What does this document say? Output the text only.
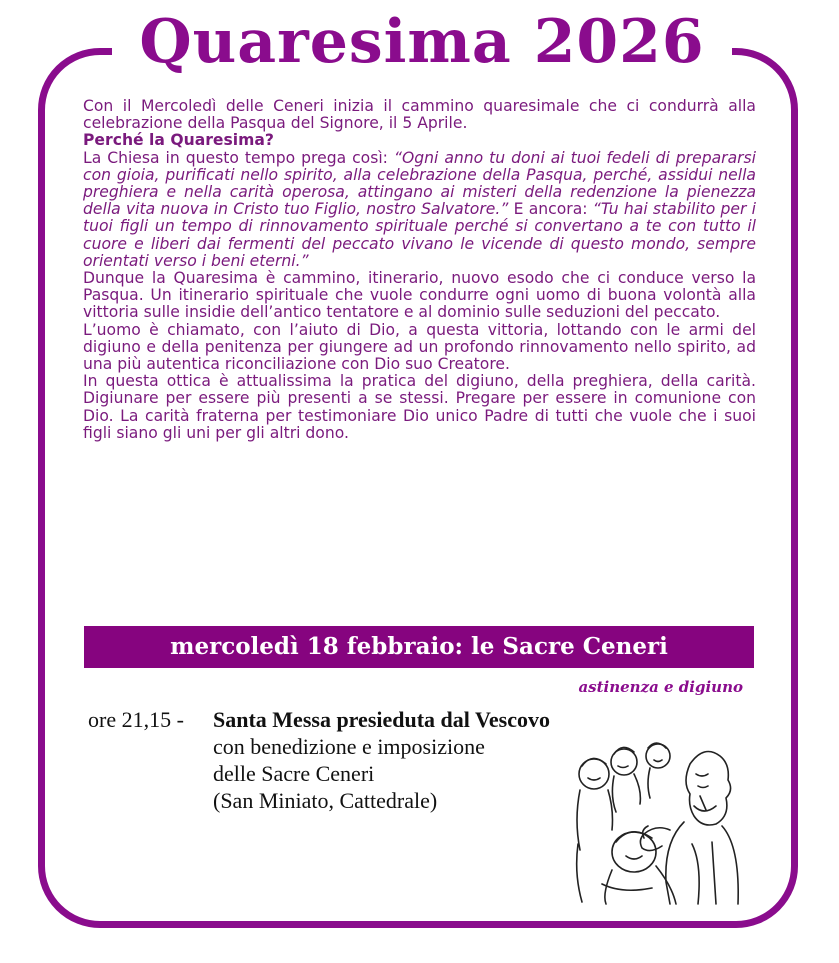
Quaresima 2026

Con il Mercoledì delle Ceneri inizia il cammino quaresimale che ci condurrà alla celebrazione della Pasqua del Signore, il 5 Aprile.

Perché la Quaresima?

La Chiesa in questo tempo prega così: “Ogni anno tu doni ai tuoi fedeli di prepararsi con gioia, purificati nello spirito, alla celebrazione della Pasqua, perché, assidui nella preghiera e nella carità operosa, attingano ai misteri della redenzione la pienezza della vita nuova in Cristo tuo Figlio, nostro Salvatore.” E ancora: “Tu hai stabilito per i tuoi figli un tempo di rinnovamento spirituale perché si convertano a te con tutto il cuore e liberi dai fermenti del peccato vivano le vicende di questo mondo, sempre orientati verso i beni eterni.”

Dunque la Quaresima è cammino, itinerario, nuovo esodo che ci conduce verso la Pasqua. Un itinerario spirituale che vuole condurre ogni uomo di buona volontà alla vittoria sulle insidie dell’antico tentatore e al dominio sulle seduzioni del peccato.

L’uomo è chiamato, con l’aiuto di Dio, a questa vittoria, lottando con le armi del digiuno e della penitenza per giungere ad un profondo rinnovamento nello spirito, ad una più autentica riconciliazione con Dio suo Creatore.

In questa ottica è attualissima la pratica del digiuno, della preghiera, della carità. Digiunare per essere più presenti a se stessi. Pregare per essere in comunione con Dio. La carità fraterna per testimoniare Dio unico Padre di tutti che vuole che i suoi figli siano gli uni per gli altri dono.

mercoledì 18 febbraio: le Sacre Ceneri
astinenza e digiuno
ore 21,15 - Santa Messa presieduta dal Vescovo
con benedizione e imposizione
delle Sacre Ceneri
(San Miniato, Cattedrale)
